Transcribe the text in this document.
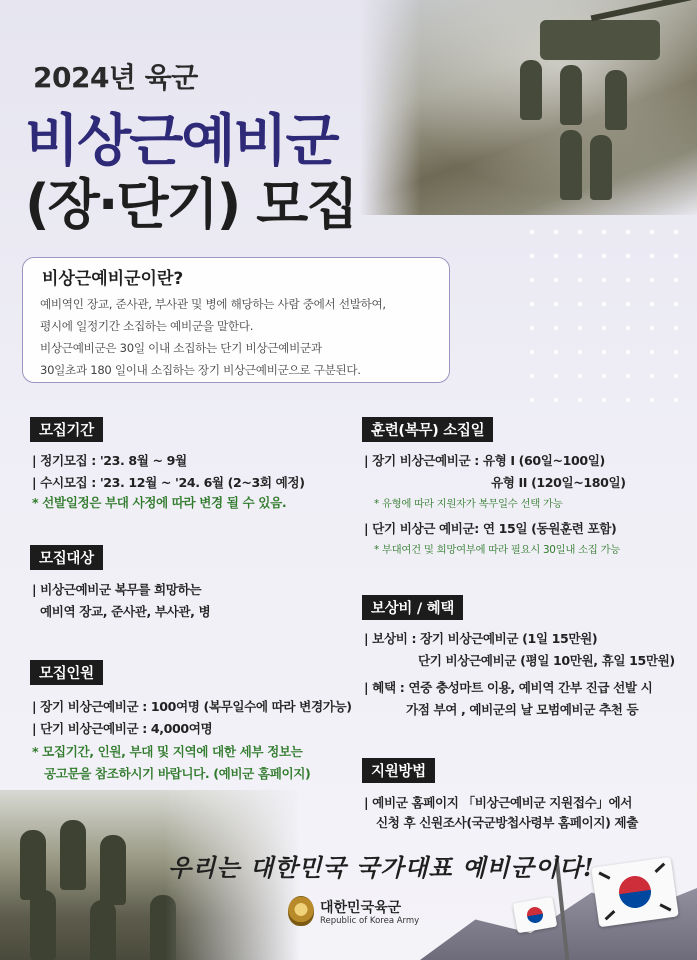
2024년 육군
비상근예비군
(장·단기) 모집
비상근예비군이란?
예비역인 장교, 준사관, 부사관 및 병에 해당하는 사람 중에서 선발하여,
평시에 일정기간 소집하는 예비군을 말한다.
비상근예비군은 30일 이내 소집하는 단기 비상근예비군과
30일초과 180 일이내 소집하는 장기 비상근예비군으로 구분된다.
모집기간
| 정기모집 : '23. 8월 ~ 9월
| 수시모집 : '23. 12월 ~ '24. 6월 (2~3회 예정)
* 선발일정은 부대 사정에 따라 변경 될 수 있음.
모집대상
| 비상근예비군 복무를 희망하는
예비역 장교, 준사관, 부사관, 병
모집인원
| 장기 비상근예비군 : 100여명 (복무일수에 따라 변경가능)
| 단기 비상근예비군 : 4,000여명
* 모집기간, 인원, 부대 및 지역에 대한 세부 정보는
공고문을 참조하시기 바랍니다. (예비군 홈페이지)
훈련(복무) 소집일
| 장기 비상근예비군 : 유형 I (60일~100일)
유형 II (120일~180일)
* 유형에 따라 지원자가 복무일수 선택 가능
| 단기 비상근 예비군: 연 15일 (동원훈련 포함)
* 부대여건 및 희망여부에 따라 필요시 30일내 소집 가능
보상비 / 혜택
| 보상비 : 장기 비상근예비군 (1일 15만원)
단기 비상근예비군 (평일 10만원, 휴일 15만원)
| 혜택 : 연중 충성마트 이용, 예비역 간부 진급 선발 시
가점 부여 , 예비군의 날 모범예비군 추천 등
지원방법
| 예비군 홈페이지 「비상근예비군 지원접수」에서
신청 후 신원조사(국군방첩사령부 홈페이지) 제출
우리는 대한민국 국가대표 예비군이다!
대한민국육군
Republic of Korea Army
